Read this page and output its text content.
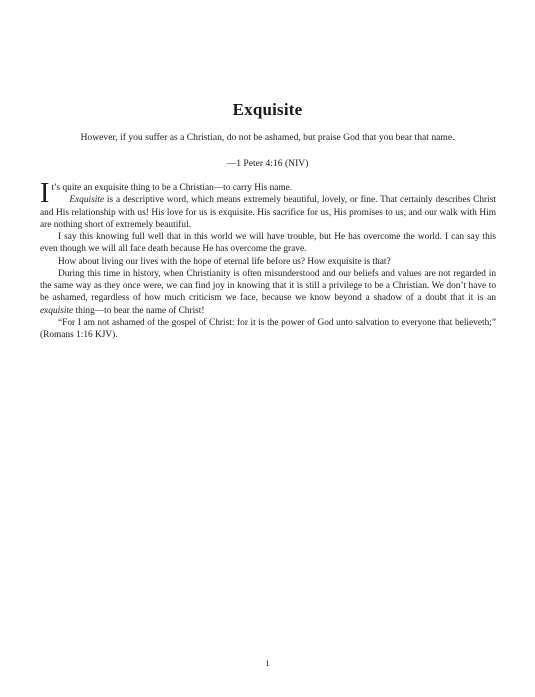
Exquisite
However, if you suffer as a Christian, do not be ashamed, but praise God that you bear that name.
—1 Peter 4:16 (NIV)

It’s quite an exquisite thing to be a Christian—to carry His name.

Exquisite is a descriptive word, which means extremely beautiful, lovely, or fine. That certainly describes Christ and His relationship with us! His love for us is exquisite. His sacrifice for us, His promises to us, and our walk with Him are nothing short of extremely beautiful.

I say this knowing full well that in this world we will have trouble, but He has overcome the world. I can say this even though we will all face death because He has overcome the grave.

How about living our lives with the hope of eternal life before us? How exquisite is that?

During this time in history, when Christianity is often misunderstood and our beliefs and values are not regarded in the same way as they once were, we can find joy in knowing that it is still a privilege to be a Christian. We don’t have to be ashamed, regardless of how much criticism we face, because we know beyond a shadow of a doubt that it is an exquisite thing—to bear the name of Christ!

“For I am not ashamed of the gospel of Christ: for it is the power of God unto salvation to everyone that believeth;” (Romans 1:16 KJV).

1
